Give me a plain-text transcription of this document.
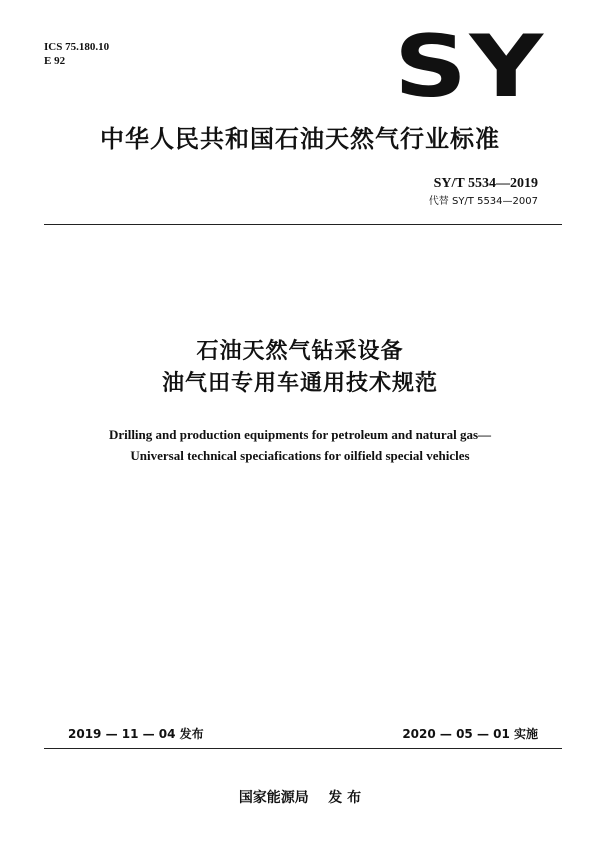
ICS 75.180.10
E 92	SY
中华人民共和国石油天然气行业标准
SY/T 5534—2019
代替 SY/T 5534—2007
石油天然气钻采设备
油气田专用车通用技术规范
Drilling and production equipments for petroleum and natural gas—
Universal technical speciafications for oilfield special vehicles
2019 — 11 — 04 发布	2020 — 05 — 01 实施
国家能源局    发 布
